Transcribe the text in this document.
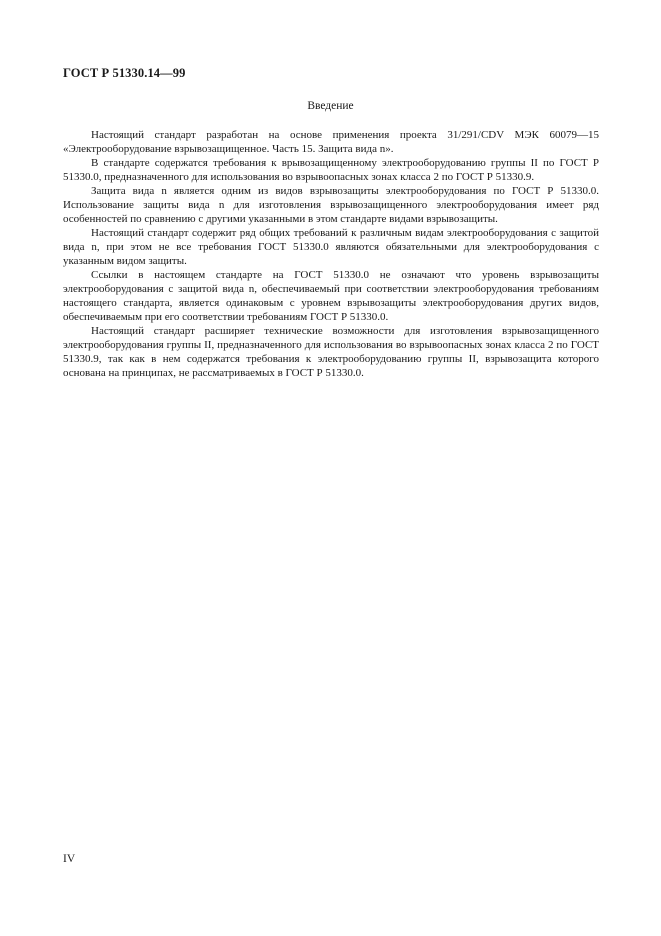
ГОСТ Р 51330.14—99
Введение

Настоящий стандарт разработан на основе применения проекта 31/291/CDV МЭК 60079—15 «Электрооборудование взрывозащищенное. Часть 15. Защита вида n».

В стандарте содержатся требования к врывозащищенному электрооборудованию группы II по ГОСТ Р 51330.0, предназначенного для использования во взрывоопасных зонах класса 2 по ГОСТ Р 51330.9.

Защита вида n является одним из видов взрывозащиты электрооборудования по ГОСТ Р 51330.0. Использование защиты вида n для изготовления взрывозащищенного электрооборудования имеет ряд особенностей по сравнению с другими указанными в этом стандарте видами взрывозащиты.

Настоящий стандарт содержит ряд общих требований к различным видам электрооборудования с защитой вида n, при этом не все требования ГОСТ 51330.0 являются обязательными для электрооборудования с указанным видом защиты.

Ссылки в настоящем стандарте на ГОСТ 51330.0 не означают что уровень взрывозащиты электрооборудования с защитой вида n, обеспечиваемый при соответствии электрооборудования требованиям настоящего стандарта, является одинаковым с уровнем взрывозащиты электрооборудования других видов, обеспечиваемым при его соответствии требованиям ГОСТ Р 51330.0.

Настоящий стандарт расширяет технические возможности для изготовления взрывозащищенного электрооборудования группы II, предназначенного для использования во взрывоопасных зонах класса 2 по ГОСТ 51330.9, так как в нем содержатся требования к электрооборудованию группы II, взрывозащита которого основана на принципах, не рассматриваемых в ГОСТ Р 51330.0.

IV
